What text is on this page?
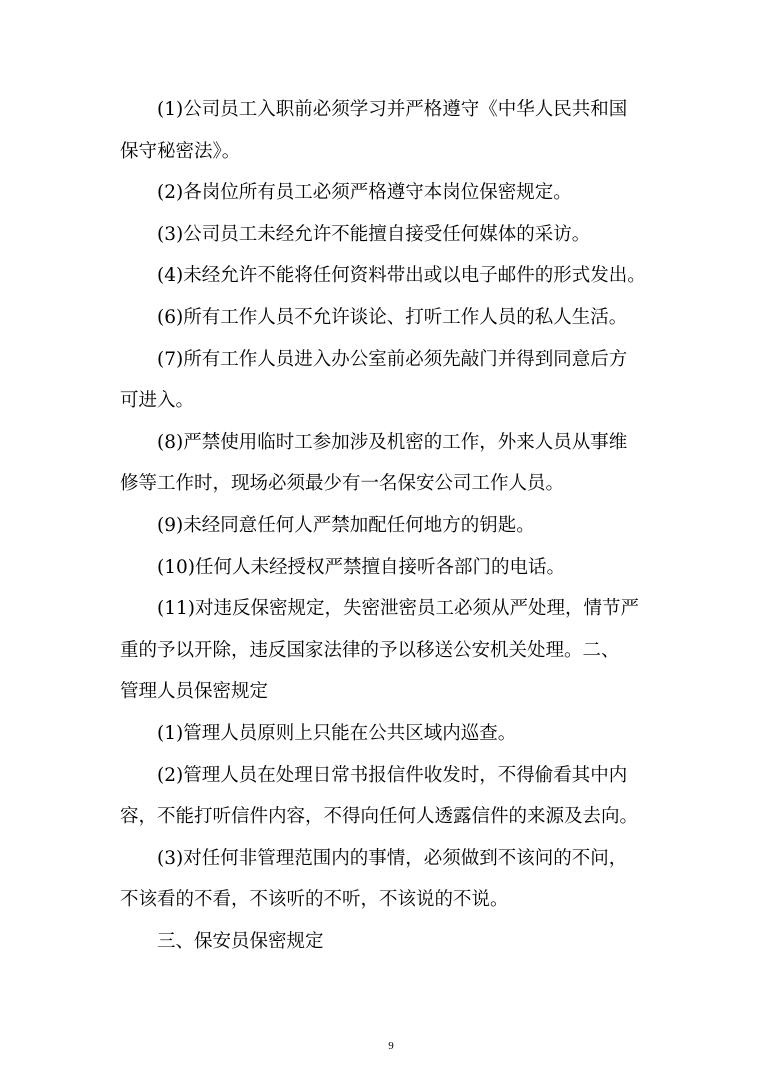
(1)公司员工入职前必须学习并严格遵守《中华人民共和国
保守秘密法》。
(2)各岗位所有员工必须严格遵守本岗位保密规定。
(3)公司员工未经允许不能擅自接受任何媒体的采访。
(4)未经允许不能将任何资料带出或以电子邮件的形式发出。
(6)所有工作人员不允许谈论、打听工作人员的私人生活。
(7)所有工作人员进入办公室前必须先敲门并得到同意后方
可进入。
(8)严禁使用临时工参加涉及机密的工作，外来人员从事维
修等工作时，现场必须最少有一名保安公司工作人员。
(9)未经同意任何人严禁加配任何地方的钥匙。
(10)任何人未经授权严禁擅自接听各部门的电话。
(11)对违反保密规定，失密泄密员工必须从严处理，情节严
重的予以开除，违反国家法律的予以移送公安机关处理。二、
管理人员保密规定
(1)管理人员原则上只能在公共区域内巡查。
(2)管理人员在处理日常书报信件收发时，不得偷看其中内
容，不能打听信件内容，不得向任何人透露信件的来源及去向。
(3)对任何非管理范围内的事情，必须做到不该问的不问，
不该看的不看，不该听的不听，不该说的不说。
三、保安员保密规定
9
